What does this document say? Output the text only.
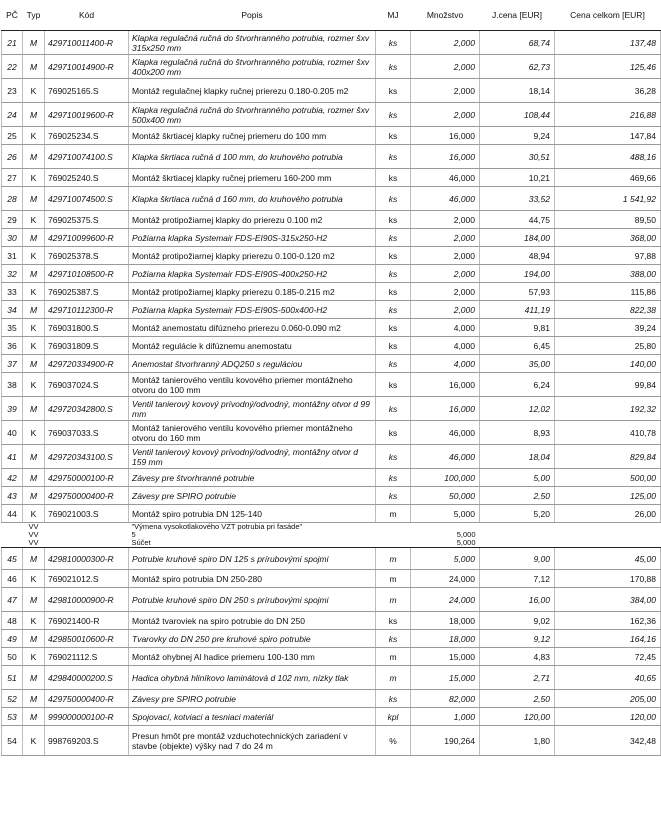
PČ	Typ	Kód	Popis	MJ	Množstvo	J.cena [EUR]	Cena celkom [EUR]
21	M	429710011400-R	Klapka regulačná ručná do štvorhranného potrubia, rozmer šxv 315x250 mm	ks	2,000	68,74	137,48
22	M	429710014900-R	Klapka regulačná ručná do štvorhranného potrubia, rozmer šxv 400x200 mm	ks	2,000	62,73	125,46
23	K	769025165.S	Montáž regulačnej klapky ručnej prierezu 0.180-0.205 m2	ks	2,000	18,14	36,28
24	M	429710019600-R	Klapka regulačná ručná do štvorhranného potrubia, rozmer šxv 500x400 mm	ks	2,000	108,44	216,88
25	K	769025234.S	Montáž škrtiacej klapky ručnej priemeru do 100 mm	ks	16,000	9,24	147,84
26	M	429710074100.S	Klapka škrtiaca ručná d 100 mm, do kruhového potrubia	ks	16,000	30,51	488,16
27	K	769025240.S	Montáž škrtiacej klapky ručnej priemeru 160-200 mm	ks	46,000	10,21	469,66
28	M	429710074500.S	Klapka škrtiaca ručná d 160 mm, do kruhového potrubia	ks	46,000	33,52	1 541,92
29	K	769025375.S	Montáž protipožiarnej klapky do prierezu 0.100 m2	ks	2,000	44,75	89,50
30	M	429710099600-R	Požiarna klapka Systemair FDS-EI90S-315x250-H2	ks	2,000	184,00	368,00
31	K	769025378.S	Montáž protipožiarnej klapky prierezu 0.100-0.120 m2	ks	2,000	48,94	97,88
32	M	429710108500-R	Požiarna klapka Systemair FDS-EI90S-400x250-H2	ks	2,000	194,00	388,00
33	K	769025387.S	Montáž protipožiarnej klapky prierezu 0.185-0.215 m2	ks	2,000	57,93	115,86
34	M	429710112300-R	Požiarna klapka Systemair FDS-EI90S-500x400-H2	ks	2,000	411,19	822,38
35	K	769031800.S	Montáž anemostatu difúzneho prierezu 0.060-0.090 m2	ks	4,000	9,81	39,24
36	K	769031809.S	Montáž regulácie k difúznemu anemostatu	ks	4,000	6,45	25,80
37	M	429720334900-R	Anemostat štvorhranný ADQ250 s reguláciou	ks	4,000	35,00	140,00
38	K	769037024.S	Montáž tanierového ventilu kovového priemer montážneho otvoru do 100 mm	ks	16,000	6,24	99,84
39	M	429720342800.S	Ventil tanierový kovový prívodný/odvodný, montážny otvor d 99 mm	ks	16,000	12,02	192,32
40	K	769037033.S	Montáž tanierového ventilu kovového priemer montážneho otvoru do 160 mm	ks	46,000	8,93	410,78
41	M	429720343100.S	Ventil tanierový kovový prívodný/odvodný, montážny otvor d 159 mm	ks	46,000	18,04	829,84
42	M	429750000100-R	Závesy pre štvorhranné potrubie	ks	100,000	5,00	500,00
43	M	429750000400-R	Závesy pre SPIRO potrubie	ks	50,000	2,50	125,00
44	K	769021003.S	Montáž spiro potrubia DN 125-140	m	5,000	5,20	26,00
	VV		"Výmena vysokotlakového VZT potrubia pri fasáde"				
	VV		5		5,000		
	VV		Súčet		5,000		
45	M	429810000300-R	Potrubie kruhové spiro DN 125 s prírubovými spojmi	m	5,000	9,00	45,00
46	K	769021012.S	Montáž spiro potrubia DN 250-280	m	24,000	7,12	170,88
47	M	429810000900-R	Potrubie kruhové spiro DN 250 s prírubovými spojmi	m	24,000	16,00	384,00
48	K	769021400-R	Montáž tvaroviek na spiro potrubie do DN 250	ks	18,000	9,02	162,36
49	M	429850010600-R	Tvarovky do DN 250 pre kruhové spiro potrubie	ks	18,000	9,12	164,16
50	K	769021112.S	Montáž ohybnej Al hadice priemeru 100-130 mm	m	15,000	4,83	72,45
51	M	429840000200.S	Hadica ohybná hliníkovo laminátová d 102 mm, nízky tlak	m	15,000	2,71	40,65
52	M	429750000400-R	Závesy pre SPIRO potrubie	ks	82,000	2,50	205,00
53	M	999000000100-R	Spojovací, kotviaci a tesniaci materiál	kpl	1,000	120,00	120,00
54	K	998769203.S	Presun hmôt pre montáž vzduchotechnických zariadení v stavbe (objekte) výšky nad 7 do 24 m	%	190,264	1,80	342,48
